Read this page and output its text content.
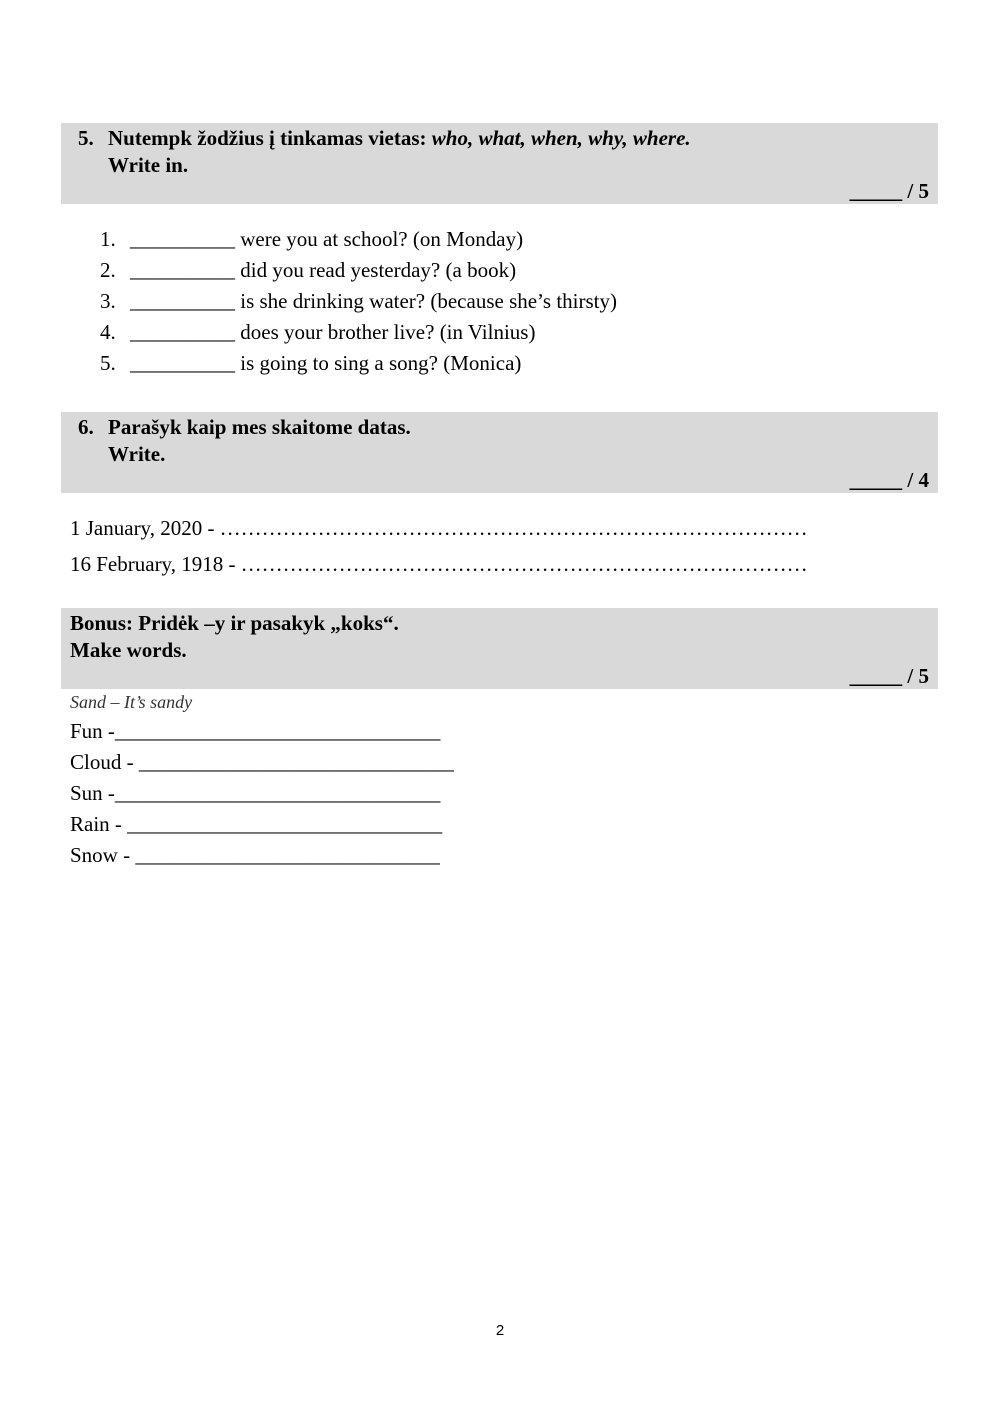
5. Nutempk žodžius į tinkamas vietas: who, what, when, why, where.
Write in.
_____ / 5
1. __________ were you at school? (on Monday)
2. __________ did you read yesterday? (a book)
3. __________ is she drinking water? (because she’s thirsty)
4. __________ does your brother live? (in Vilnius)
5. __________ is going to sing a song? (Monica)
6. Parašyk kaip mes skaitome datas.
Write.
_____ / 4
1 January, 2020 - …………………………………………………………………………
16 February, 1918 - ………………………………………………………………………
Bonus: Pridėk –y ir pasakyk „koks“.
Make words.
_____ / 5
Sand – It’s sandy
Fun -_______________________________
Cloud - ______________________________
Sun -_______________________________
Rain - ______________________________
Snow - _____________________________
2
